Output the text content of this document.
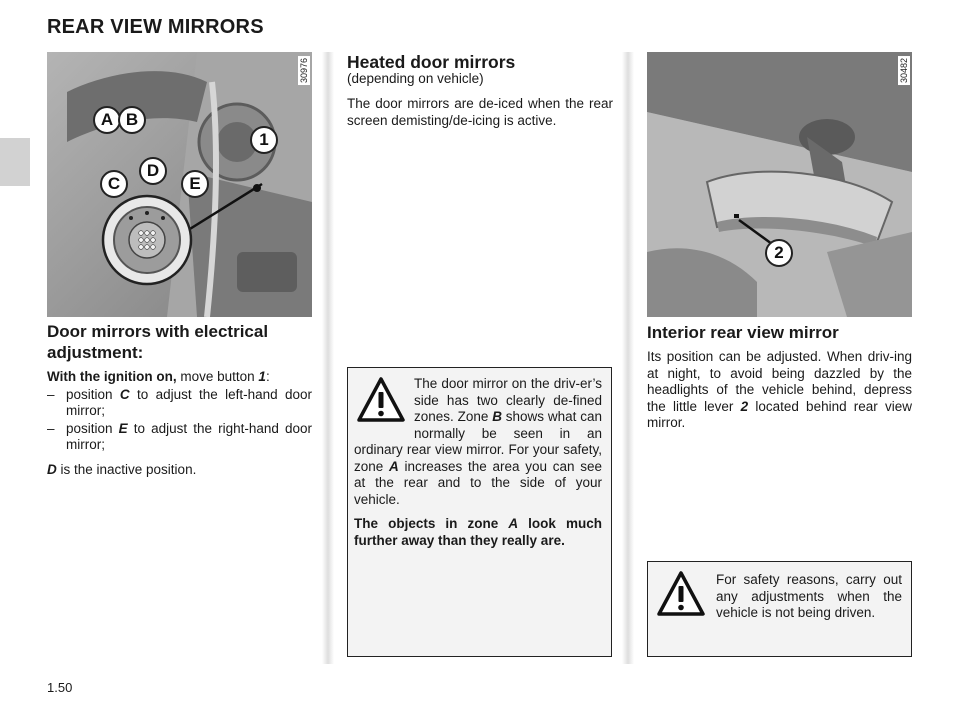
REAR VIEW MIRRORS
30976
A B
1
D
C	E
Door mirrors with electrical adjustment:
With the ignition on, move button 1:
– position C to adjust the left-hand door mirror;
– position E to adjust the right-hand door mirror;
D is the inactive position.
Heated door mirrors
(depending on vehicle)
The door mirrors are de-iced when the rear screen demisting/de-icing is active.

The door mirror on the driv-er’s side has two clearly de-fined zones. Zone B shows what can normally be seen in an ordinary rear view mirror. For your safety, zone A increases the area you can see at the rear and to the side of your vehicle.

The objects in zone A look much further away than they really are.

30482
2
Interior rear view mirror
Its position can be adjusted. When driv-ing at night, to avoid being dazzled by the headlights of the vehicle behind, depress the little lever 2 located behind rear view mirror.
For safety reasons, carry out any adjustments when the vehicle is not being driven.
1.50
